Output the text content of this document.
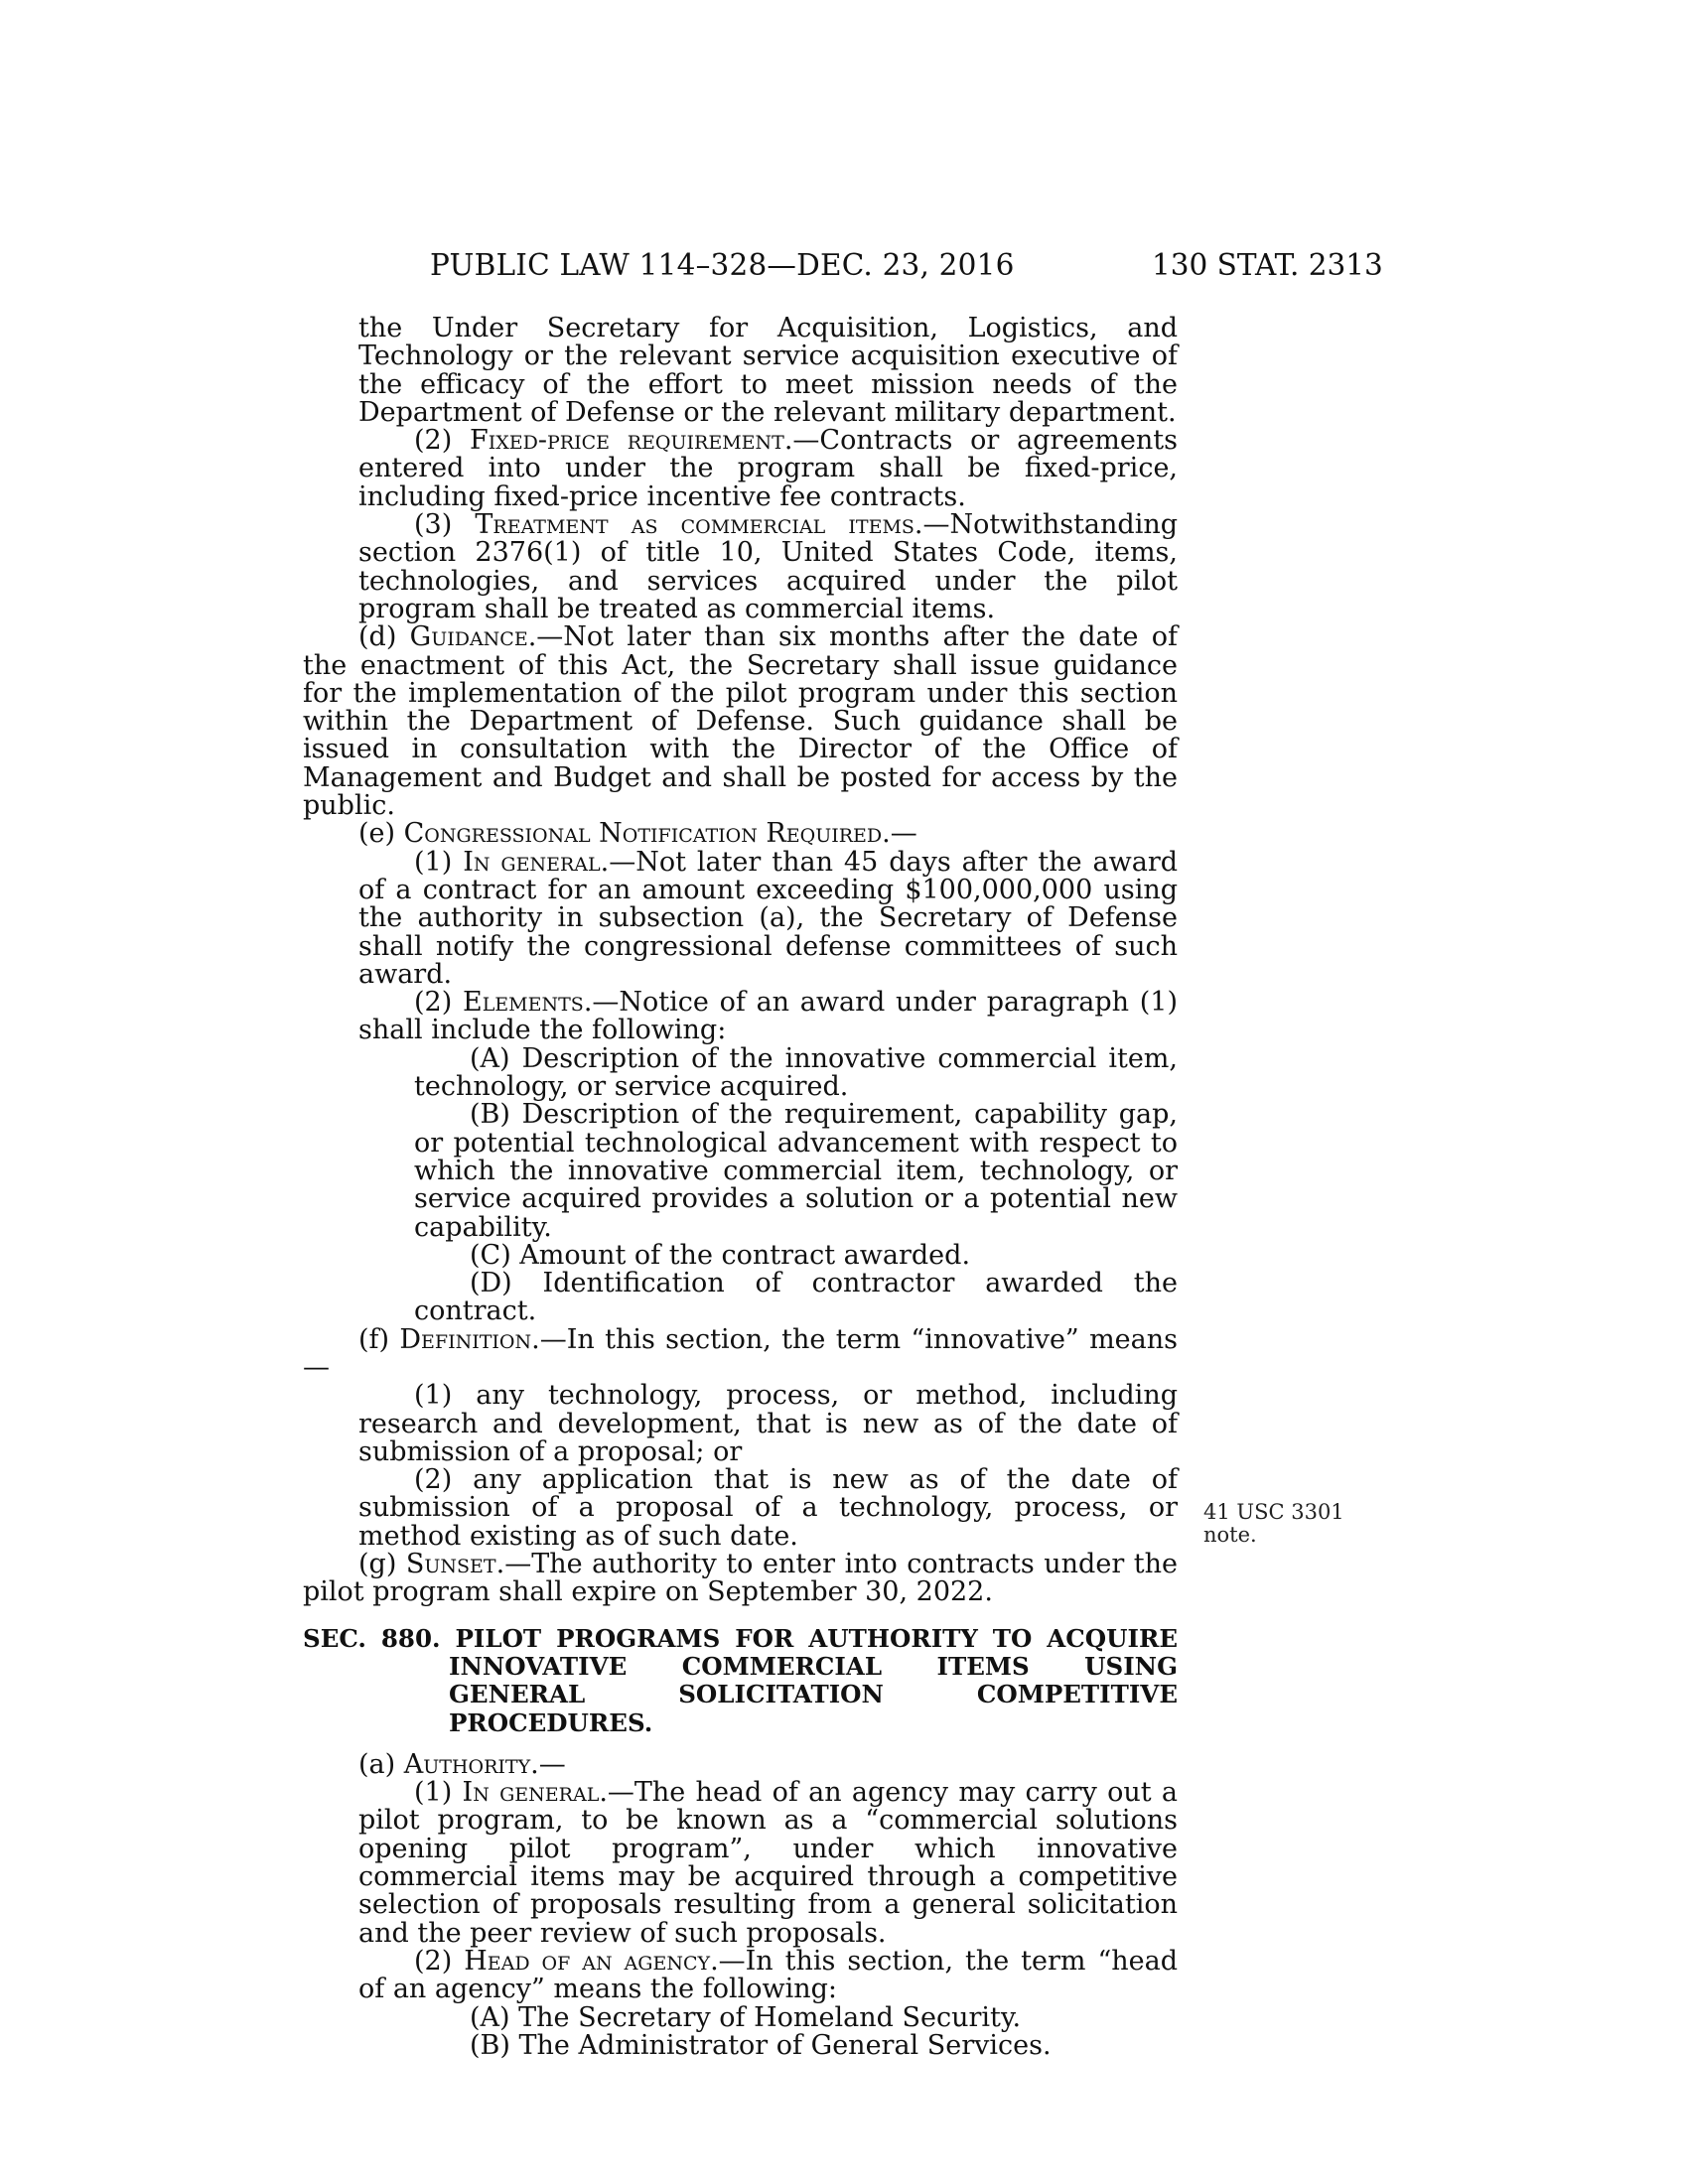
PUBLIC LAW 114–328—DEC. 23, 2016	130 STAT. 2313
41 USC 3301
note.

the Under Secretary for Acquisition, Logistics, and Technology or the relevant service acquisition executive of the efficacy of the effort to meet mission needs of the Department of Defense or the relevant military department.

(2) Fixed-price requirement.—Contracts or agreements entered into under the program shall be fixed-price, including fixed-price incentive fee contracts.

(3) Treatment as commercial items.—Notwithstanding section 2376(1) of title 10, United States Code, items, technologies, and services acquired under the pilot program shall be treated as commercial items.

(d) Guidance.—Not later than six months after the date of the enactment of this Act, the Secretary shall issue guidance for the implementation of the pilot program under this section within the Department of Defense. Such guidance shall be issued in consultation with the Director of the Office of Management and Budget and shall be posted for access by the public.

(e) Congressional Notification Required.—

(1) In general.—Not later than 45 days after the award of a contract for an amount exceeding $100,000,000 using the authority in subsection (a), the Secretary of Defense shall notify the congressional defense committees of such award.

(2) Elements.—Notice of an award under paragraph (1) shall include the following:

(A) Description of the innovative commercial item, technology, or service acquired.

(B) Description of the requirement, capability gap, or potential technological advancement with respect to which the innovative commercial item, technology, or service acquired provides a solution or a potential new capability.

(C) Amount of the contract awarded.

(D) Identification of contractor awarded the contract.

(f) Definition.—In this section, the term “innovative” means—

(1) any technology, process, or method, including research and development, that is new as of the date of submission of a proposal; or

(2) any application that is new as of the date of submission of a proposal of a technology, process, or method existing as of such date.

(g) Sunset.—The authority to enter into contracts under the pilot program shall expire on September 30, 2022.

SEC. 880. PILOT PROGRAMS FOR AUTHORITY TO ACQUIRE INNOVATIVE COMMERCIAL ITEMS USING GENERAL SOLICITATION COMPETITIVE PROCEDURES.

(a) Authority.—

(1) In general.—The head of an agency may carry out a pilot program, to be known as a “commercial solutions opening pilot program”, under which innovative commercial items may be acquired through a competitive selection of proposals resulting from a general solicitation and the peer review of such proposals.

(2) Head of an agency.—In this section, the term “head of an agency” means the following:

(A) The Secretary of Homeland Security.

(B) The Administrator of General Services.
